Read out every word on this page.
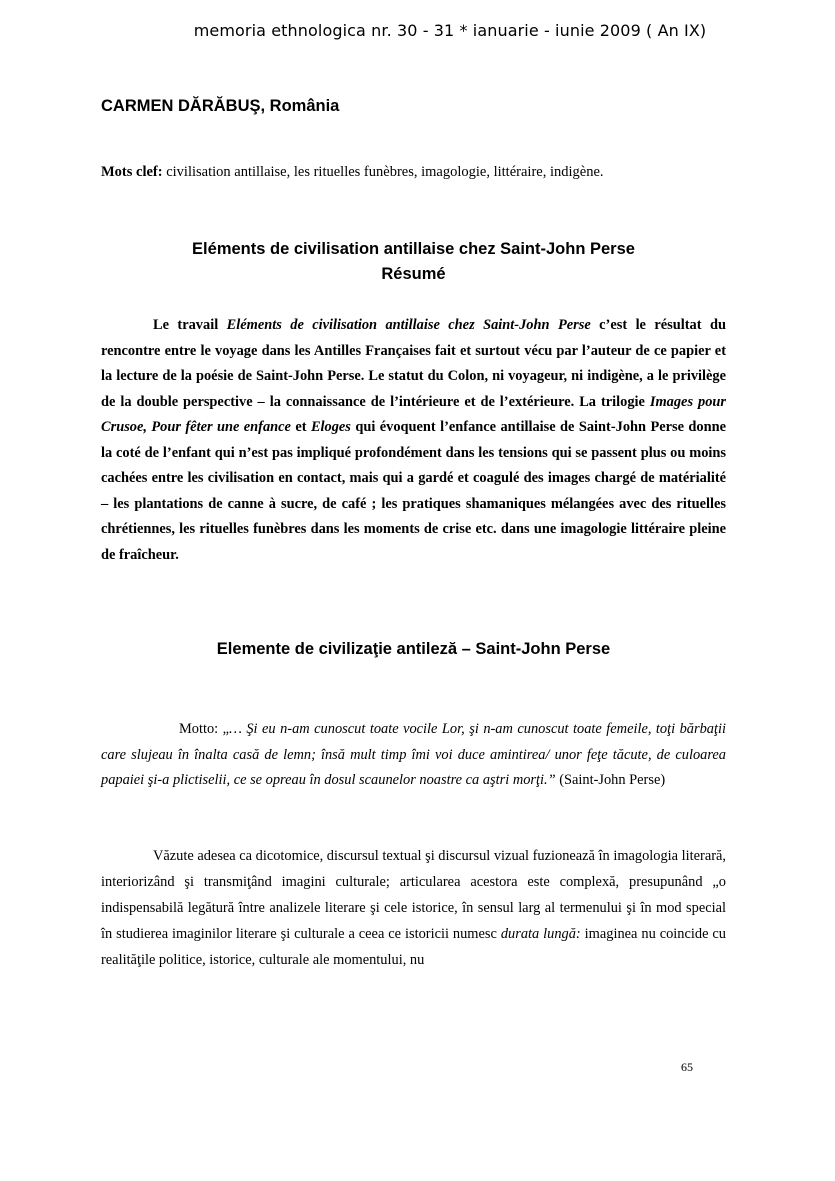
memoria ethnologica nr. 30 - 31 * ianuarie - iunie 2009 ( An IX)
CARMEN DĂRĂBUŞ, România
Mots clef: civilisation antillaise, les rituelles funèbres, imagologie, littéraire, indigène.
Eléments de civilisation antillaise chez Saint-John Perse
Résumé
Le travail Eléments de civilisation antillaise chez Saint-John Perse c’est le résultat du rencontre entre le voyage dans les Antilles Françaises fait et surtout vécu par l’auteur de ce papier et la lecture de la poésie de Saint-John Perse. Le statut du Colon, ni voyageur, ni indigène, a le privilège de la double perspective – la connaissance de l’intérieure et de l’extérieure. La trilogie Images pour Crusoe, Pour fêter une enfance et Eloges qui évoquent l’enfance antillaise de Saint-John Perse donne la coté de l’enfant qui n’est pas impliqué profondément dans les tensions qui se passent plus ou moins cachées entre les civilisation en contact, mais qui a gardé et coagulé des images chargé de matérialité – les plantations de canne à sucre, de café ; les pratiques shamaniques mélangées avec des rituelles chrétiennes, les rituelles funèbres dans les moments de crise etc. dans une imagologie littéraire pleine de fraîcheur.
Elemente de civilizaţie antileză – Saint-John Perse
Motto: „… Şi eu n-am cunoscut toate vocile Lor, şi n-am cunoscut toate femeile, toţi bărbaţii care slujeau în înalta casă de lemn; însă mult timp îmi voi duce amintirea/ unor feţe tăcute, de culoarea papaiei şi-a plictiselii, ce se opreau în dosul scaunelor noastre ca aştri morţi.” (Saint-John Perse)
Văzute adesea ca dicotomice, discursul textual şi discursul vizual fuzionează în imagologia literară, interiorizând şi transmiţând imagini culturale; articularea acestora este complexă, presupunând „o indispensabilă legătură între analizele literare şi cele istorice, în sensul larg al termenului şi în mod special în studierea imaginilor literare şi culturale a ceea ce istoricii numesc durata lungă: imaginea nu coincide cu realităţile politice, istorice, culturale ale momentului, nu
65
